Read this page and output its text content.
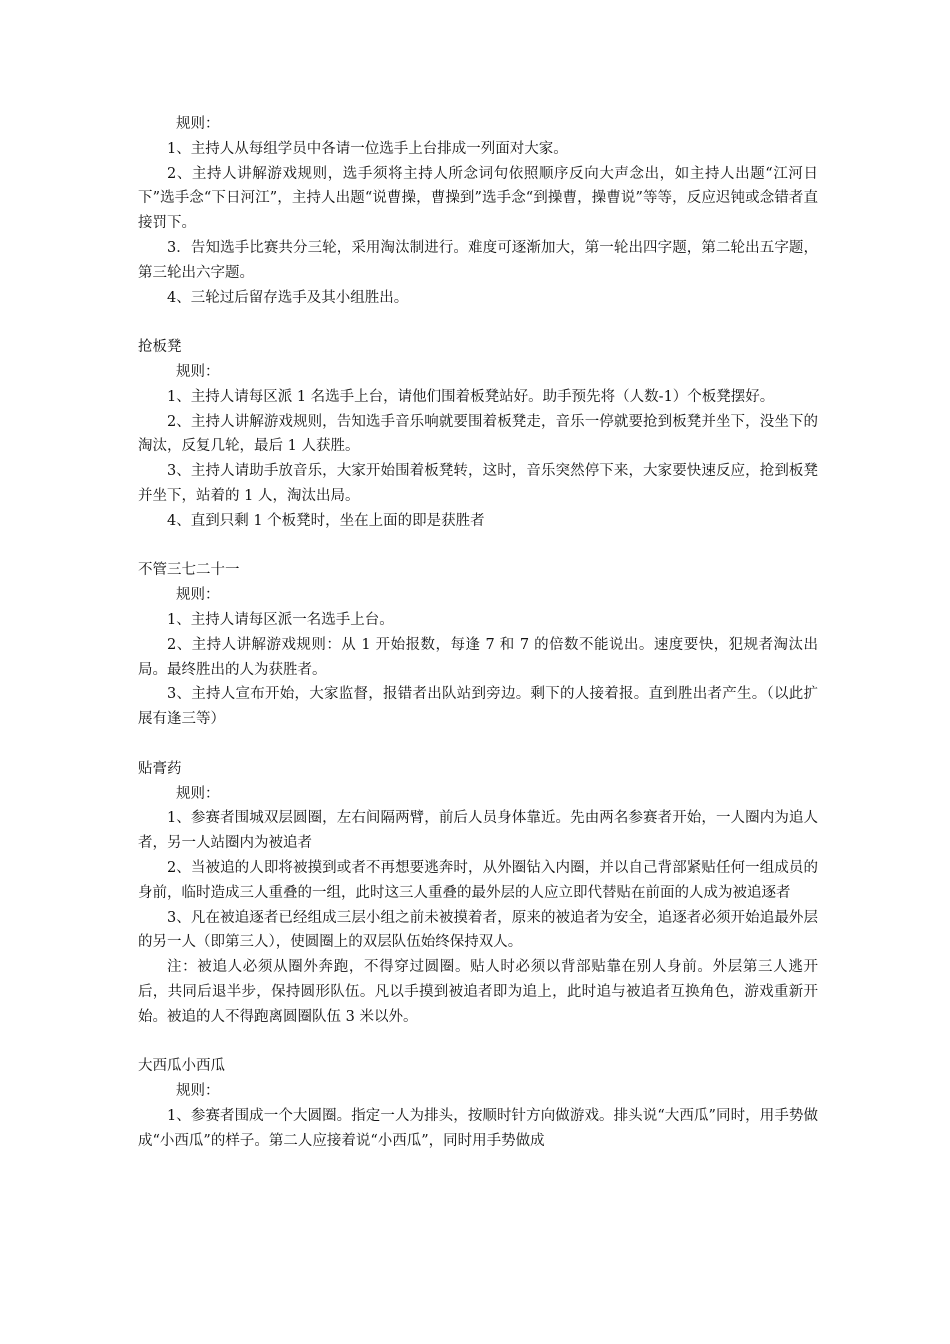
规则：

1、主持人从每组学员中各请一位选手上台排成一列面对大家。

2、主持人讲解游戏规则，选手须将主持人所念词句依照顺序反向大声念出，如主持人出题“江河日下”选手念“下日河江”，主持人出题“说曹操，曹操到”选手念“到操曹，操曹说”等等，反应迟钝或念错者直接罚下。

3．告知选手比赛共分三轮，采用淘汰制进行。难度可逐渐加大，第一轮出四字题，第二轮出五字题，第三轮出六字题。

4、三轮过后留存选手及其小组胜出。

抢板凳

规则：

1、主持人请每区派 1 名选手上台，请他们围着板凳站好。助手预先将（人数-1）个板凳摆好。

2、主持人讲解游戏规则，告知选手音乐响就要围着板凳走，音乐一停就要抢到板凳并坐下，没坐下的淘汰，反复几轮，最后 1 人获胜。

3、主持人请助手放音乐，大家开始围着板凳转，这时，音乐突然停下来，大家要快速反应，抢到板凳并坐下，站着的 1 人，淘汰出局。

4、直到只剩 1 个板凳时，坐在上面的即是获胜者

不管三七二十一

规则：

1、主持人请每区派一名选手上台。

2、主持人讲解游戏规则：从 1 开始报数，每逢 7 和 7 的倍数不能说出。速度要快，犯规者淘汰出局。最终胜出的人为获胜者。

3、主持人宣布开始，大家监督，报错者出队站到旁边。剩下的人接着报。直到胜出者产生。（以此扩展有逢三等）

贴膏药

规则：

1、参赛者围城双层圆圈，左右间隔两臂，前后人员身体靠近。先由两名参赛者开始，一人圈内为追人者，另一人站圈内为被追者

2、当被追的人即将被摸到或者不再想要逃奔时，从外圈钻入内圈，并以自己背部紧贴任何一组成员的身前，临时造成三人重叠的一组，此时这三人重叠的最外层的人应立即代替贴在前面的人成为被追逐者

3、凡在被追逐者已经组成三层小组之前未被摸着者，原来的被追者为安全，追逐者必须开始追最外层的另一人（即第三人），使圆圈上的双层队伍始终保持双人。

注：被追人必须从圈外奔跑，不得穿过圆圈。贴人时必须以背部贴靠在别人身前。外层第三人逃开后，共同后退半步，保持圆形队伍。凡以手摸到被追者即为追上，此时追与被追者互换角色，游戏重新开始。被追的人不得跑离圆圈队伍 3 米以外。

大西瓜小西瓜

规则：

1、参赛者围成一个大圆圈。指定一人为排头，按顺时针方向做游戏。排头说“大西瓜”同时，用手势做成“小西瓜”的样子。第二人应接着说“小西瓜”，同时用手势做成
